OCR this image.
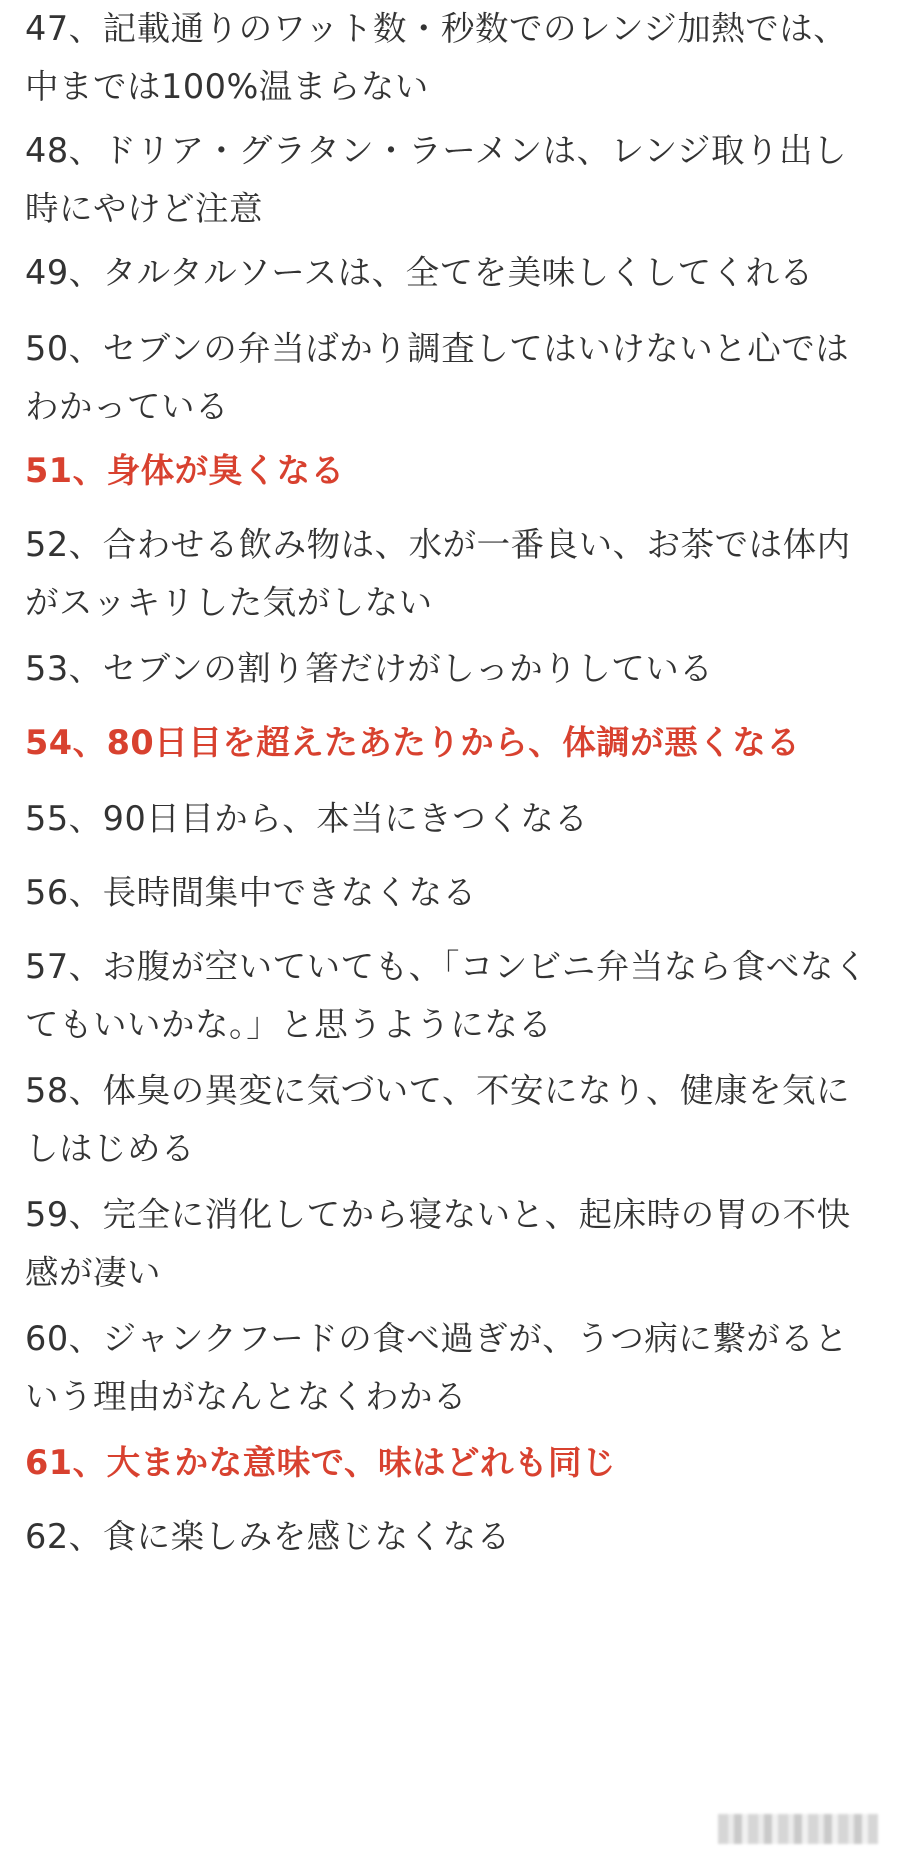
47、記載通りのワット数・秒数でのレンジ加熱では、中までは100%温まらない
48、ドリア・グラタン・ラーメンは、レンジ取り出し時にやけど注意
49、タルタルソースは、全てを美味しくしてくれる
50、セブンの弁当ばかり調査してはいけないと心ではわかっている
51、身体が臭くなる
52、合わせる飲み物は、水が一番良い、お茶では体内がスッキリした気がしない
53、セブンの割り箸だけがしっかりしている
54、80日目を超えたあたりから、体調が悪くなる
55、90日目から、本当にきつくなる
56、長時間集中できなくなる
57、お腹が空いていても、「コンビニ弁当なら食べなくてもいいかな。」と思うようになる
58、体臭の異変に気づいて、不安になり、健康を気にしはじめる
59、完全に消化してから寝ないと、起床時の胃の不快感が凄い
60、ジャンクフードの食べ過ぎが、うつ病に繋がるという理由がなんとなくわかる
61、大まかな意味で、味はどれも同じ
62、食に楽しみを感じなくなる
